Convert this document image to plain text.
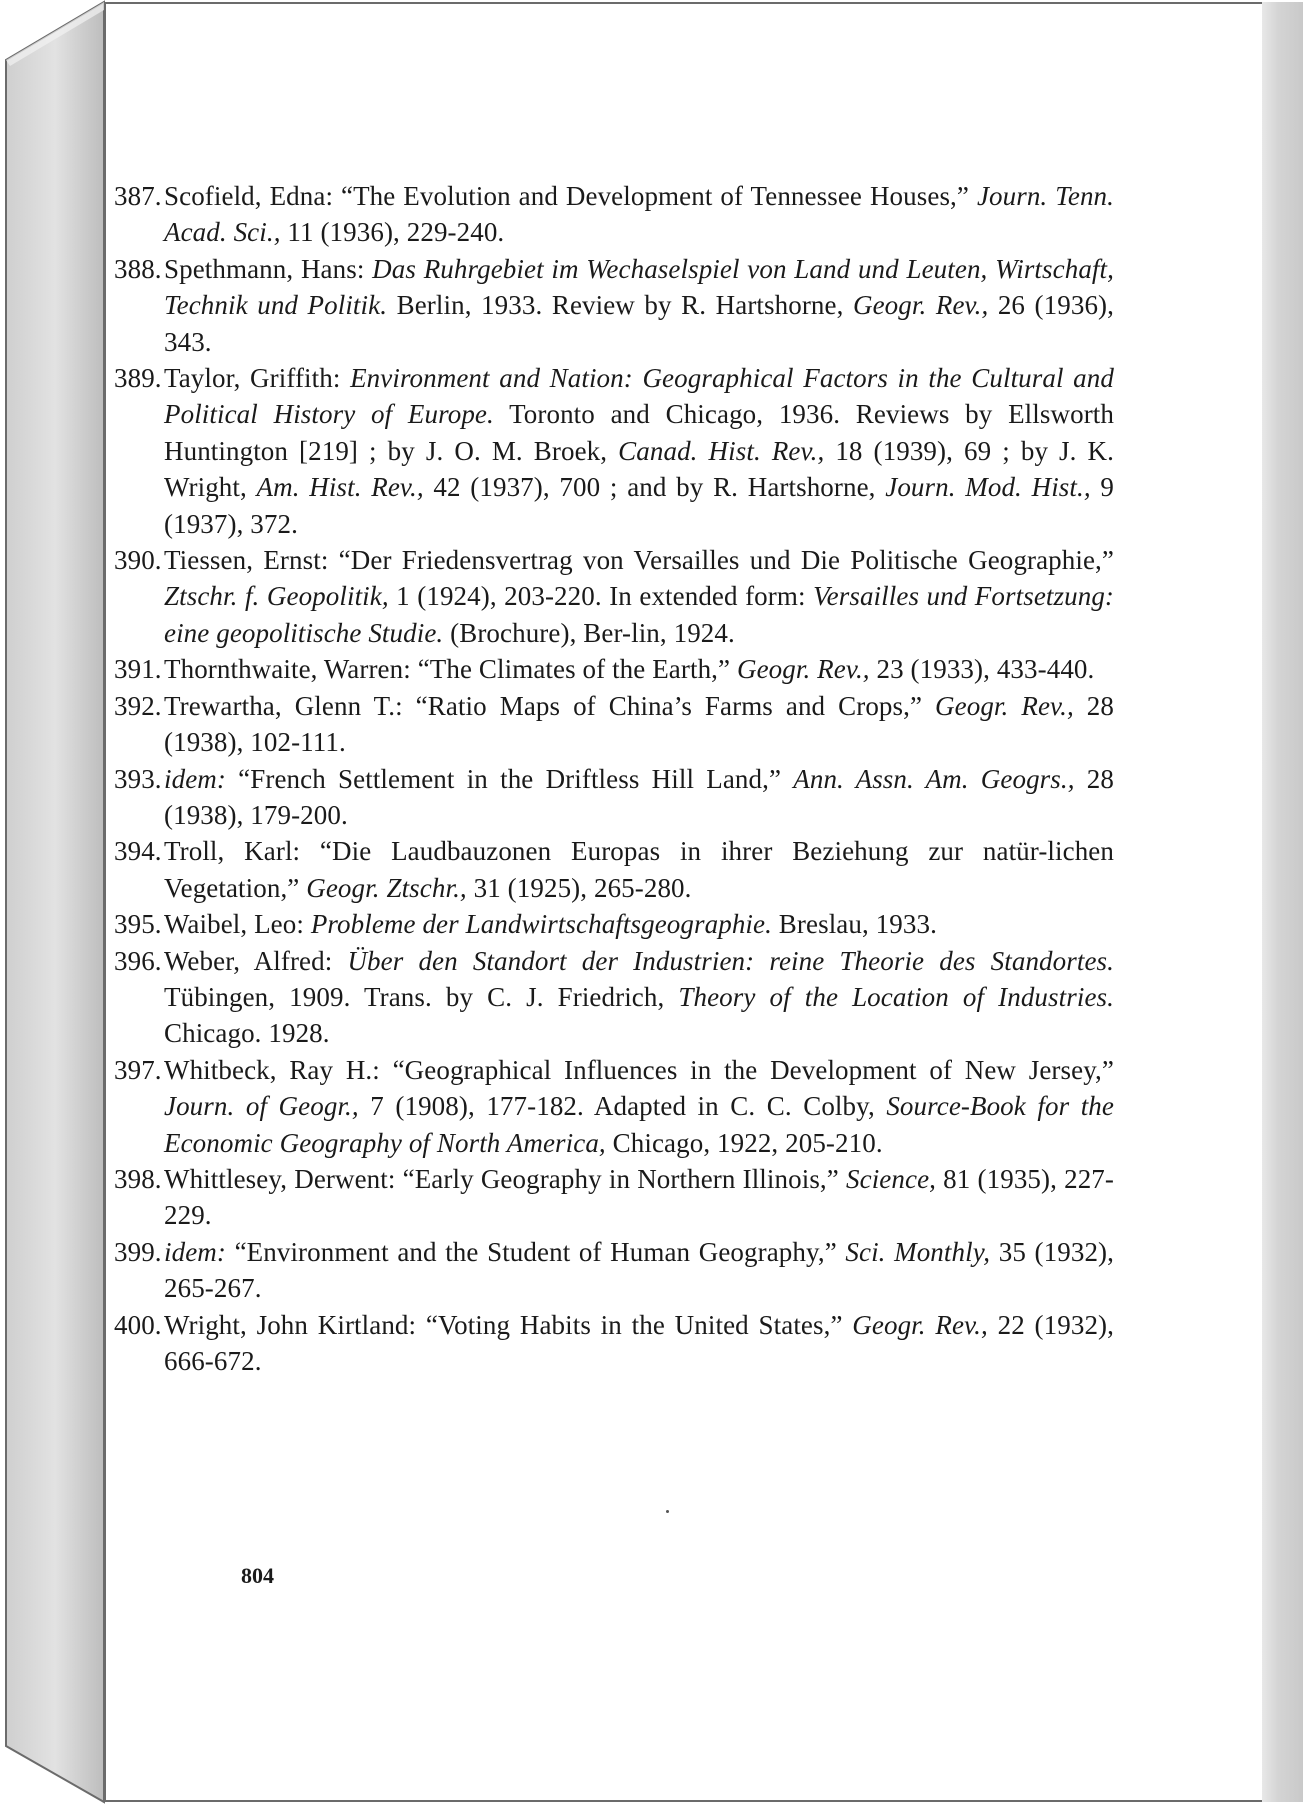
387. Scofield, Edna: “The Evolution and Development of Tennessee Houses,” Journ. Tenn. Acad. Sci., 11 (1936), 229-240.
388. Spethmann, Hans: Das Ruhrgebiet im Wechaselspiel von Land und Leuten, Wirtschaft, Technik und Politik. Berlin, 1933. Review by R. Hartshorne, Geogr. Rev., 26 (1936), 343.
389. Taylor, Griffith: Environment and Nation: Geographical Factors in the Cultural and Political History of Europe. Toronto and Chicago, 1936. Reviews by Ellsworth Huntington [219] ; by J. O. M. Broek, Canad. Hist. Rev., 18 (1939), 69 ; by J. K. Wright, Am. Hist. Rev., 42 (1937), 700 ; and by R. Hartshorne, Journ. Mod. Hist., 9 (1937), 372.
390. Tiessen, Ernst: “Der Friedensvertrag von Versailles und Die Politische Geographie,” Ztschr. f. Geopolitik, 1 (1924), 203-220. In extended form: Versailles und Fortsetzung: eine geopolitische Studie. (Brochure), Ber-lin, 1924.
391. Thornthwaite, Warren: “The Climates of the Earth,” Geogr. Rev., 23 (1933), 433-440.
392. Trewartha, Glenn T.: “Ratio Maps of China’s Farms and Crops,” Geogr. Rev., 28 (1938), 102-111.
393. idem: “French Settlement in the Driftless Hill Land,” Ann. Assn. Am. Geogrs., 28 (1938), 179-200.
394. Troll, Karl: “Die Laudbauzonen Europas in ihrer Beziehung zur natür-lichen Vegetation,” Geogr. Ztschr., 31 (1925), 265-280.
395. Waibel, Leo: Probleme der Landwirtschaftsgeographie. Breslau, 1933.
396. Weber, Alfred: Über den Standort der Industrien: reine Theorie des Standortes. Tübingen, 1909. Trans. by C. J. Friedrich, Theory of the Location of Industries. Chicago. 1928.
397. Whitbeck, Ray H.: “Geographical Influences in the Development of New Jersey,” Journ. of Geogr., 7 (1908), 177-182. Adapted in C. C. Colby, Source-Book for the Economic Geography of North America, Chicago, 1922, 205-210.
398. Whittlesey, Derwent: “Early Geography in Northern Illinois,” Science, 81 (1935), 227-229.
399. idem: “Environment and the Student of Human Geography,” Sci. Monthly, 35 (1932), 265-267.
400. Wright, John Kirtland: “Voting Habits in the United States,” Geogr. Rev., 22 (1932), 666-672.
804
